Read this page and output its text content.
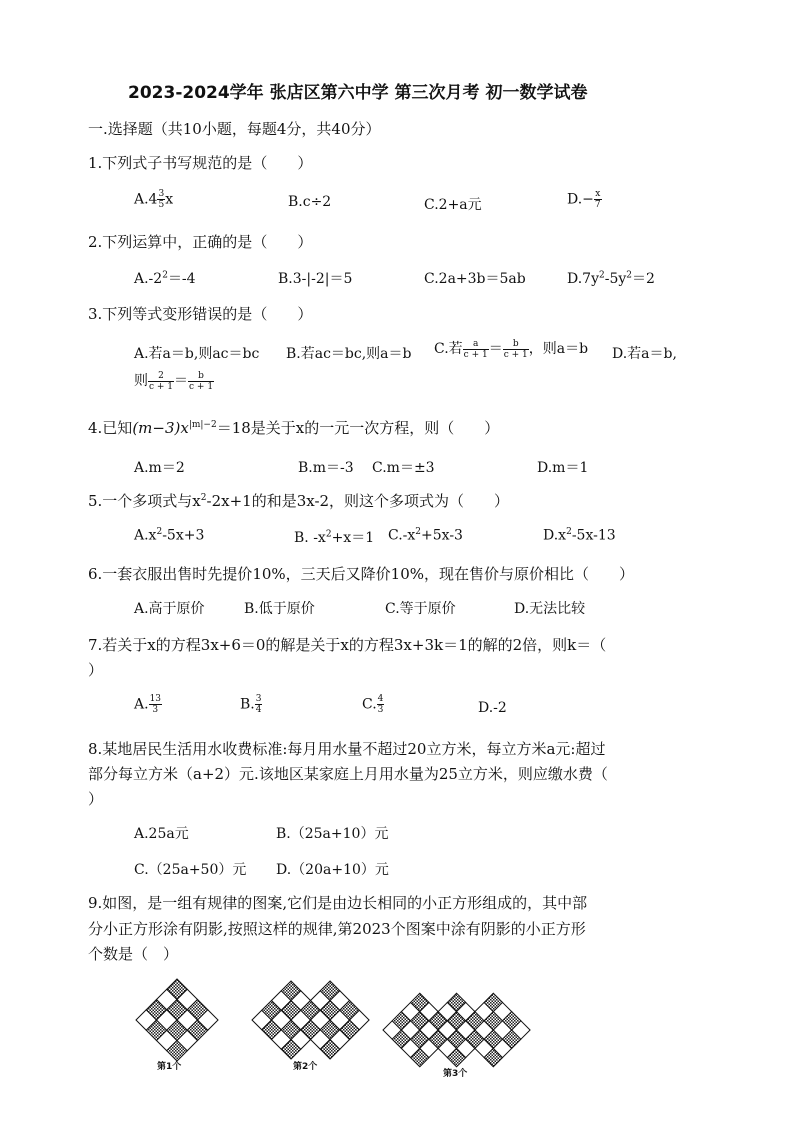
2023-2024学年 张店区第六中学 第三次月考 初一数学试卷
一.选择题（共10小题，每题4分，共40分）
1.下列式子书写规范的是（　　）
$A.4 \frac{3}{5}$ x	B.c÷2	C.2+a元	$D.- \frac{x}{7}$
2.下列运算中，正确的是（　　）
$A.-2^2=-4$	B.3-|-2|＝5	C.2a+3b＝5ab	$D.7y^2-5y^2=2$
3.下列等式变形错误的是（　　）
A.若a＝b,则ac＝bc B.若ac＝bc,则a＝b C.若 $\frac{a}{c + 1} = \frac{b}{c + 1}$ ，则a＝b D.若a＝b,
则 $\frac{2}{c + 1} = \frac{b}{c + 1}$
4.已知$(m-3)x^{|m|-2}=18$是关于x的一元一次方程，则（　　）
A.m＝2	B.m＝-3 C.m＝±3	D.m＝1
5.一个多项式与$x^2-2x+1$的和是3x-2，则这个多项式为（　　）
$A.x^2-5x+3$	B. $-x^2+x=1$ $C.-x^2+5x-3$	$D.x^2-5x-13$
6.一套衣服出售时先提价10%，三天后又降价10%，现在售价与原价相比（　　）
A.高于原价	B.低于原价	C.等于原价	D.无法比较
7.若关于x的方程3x+6＝0的解是关于x的方程3x+3k＝1的解的2倍，则k＝（
）
A. $\frac{13}{3}$	B. $\frac{3}{4}$	C. $\frac{4}{3}$	D.-2
8.某地居民生活用水收费标准:每月用水量不超过20立方米，每立方米a元:超过
部分每立方米（a+2）元.该地区某家庭上月用水量为25立方米，则应缴水费（
）
A.25a元	B.（25a+10）元
C.（25a+50）元 D.（20a+10）元
9.如图，是一组有规律的图案,它们是由边长相同的小正方形组成的，其中部
分小正方形涂有阴影,按照这样的规律,第2023个图案中涂有阴影的小正方形
个数是（　）
第1个	第2个
第3个
